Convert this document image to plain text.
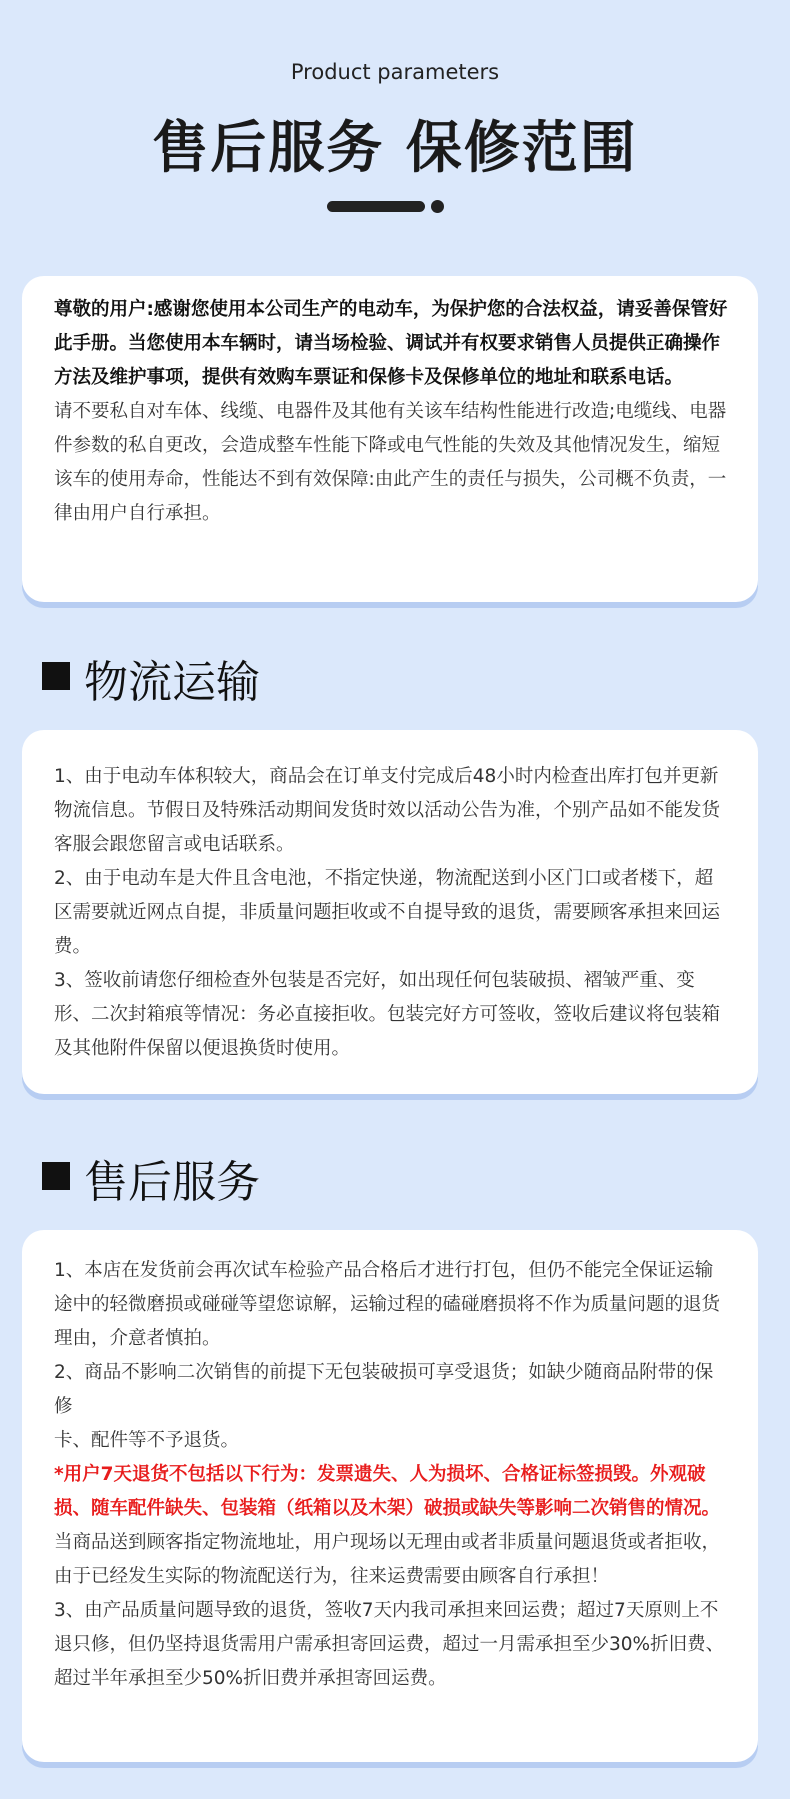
Product parameters
售后服务 保修范围

尊敬的用户:感谢您使用本公司生产的电动车，为保护您的合法权益，请妥善保管好此手册。当您使用本车辆时，请当场检验、调试并有权要求销售人员提供正确操作方法及维护事项，提供有效购车票证和保修卡及保修单位的地址和联系电话。

请不要私自对车体、线缆、电器件及其他有关该车结构性能进行改造;电缆线、电器件参数的私自更改，会造成整车性能下降或电气性能的失效及其他情况发生，缩短该车的使用寿命，性能达不到有效保障:由此产生的责任与损失，公司概不负责，一律由用户自行承担。

物流运输

1、由于电动车体积较大，商品会在订单支付完成后48小时内检查出库打包并更新物流信息。节假日及特殊活动期间发货时效以活动公告为准，个别产品如不能发货客服会跟您留言或电话联系。

2、由于电动车是大件且含电池，不指定快递，物流配送到小区门口或者楼下，超区需要就近网点自提，非质量问题拒收或不自提导致的退货，需要顾客承担来回运费。

3、签收前请您仔细检查外包装是否完好，如出现任何包装破损、褶皱严重、变形、二次封箱痕等情况：务必直接拒收。包装完好方可签收，签收后建议将包装箱及其他附件保留以便退换货时使用。

售后服务

1、本店在发货前会再次试车检验产品合格后才进行打包，但仍不能完全保证运输途中的轻微磨损或碰碰等望您谅解，运输过程的磕碰磨损将不作为质量问题的退货理由，介意者慎拍。

2、商品不影响二次销售的前提下无包装破损可享受退货；如缺少随商品附带的保修

卡、配件等不予退货。

*用户7天退货不包括以下行为：发票遗失、人为损坏、合格证标签损毁。外观破损、随车配件缺失、包装箱（纸箱以及木架）破损或缺失等影响二次销售的情况。当商品送到顾客指定物流地址，用户现场以无理由或者非质量问题退货或者拒收，由于已经发生实际的物流配送行为，往来运费需要由顾客自行承担！

3、由产品质量问题导致的退货，签收7天内我司承担来回运费；超过7天原则上不退只修，但仍坚持退货需用户需承担寄回运费，超过一月需承担至少30%折旧费、超过半年承担至少50%折旧费并承担寄回运费。
